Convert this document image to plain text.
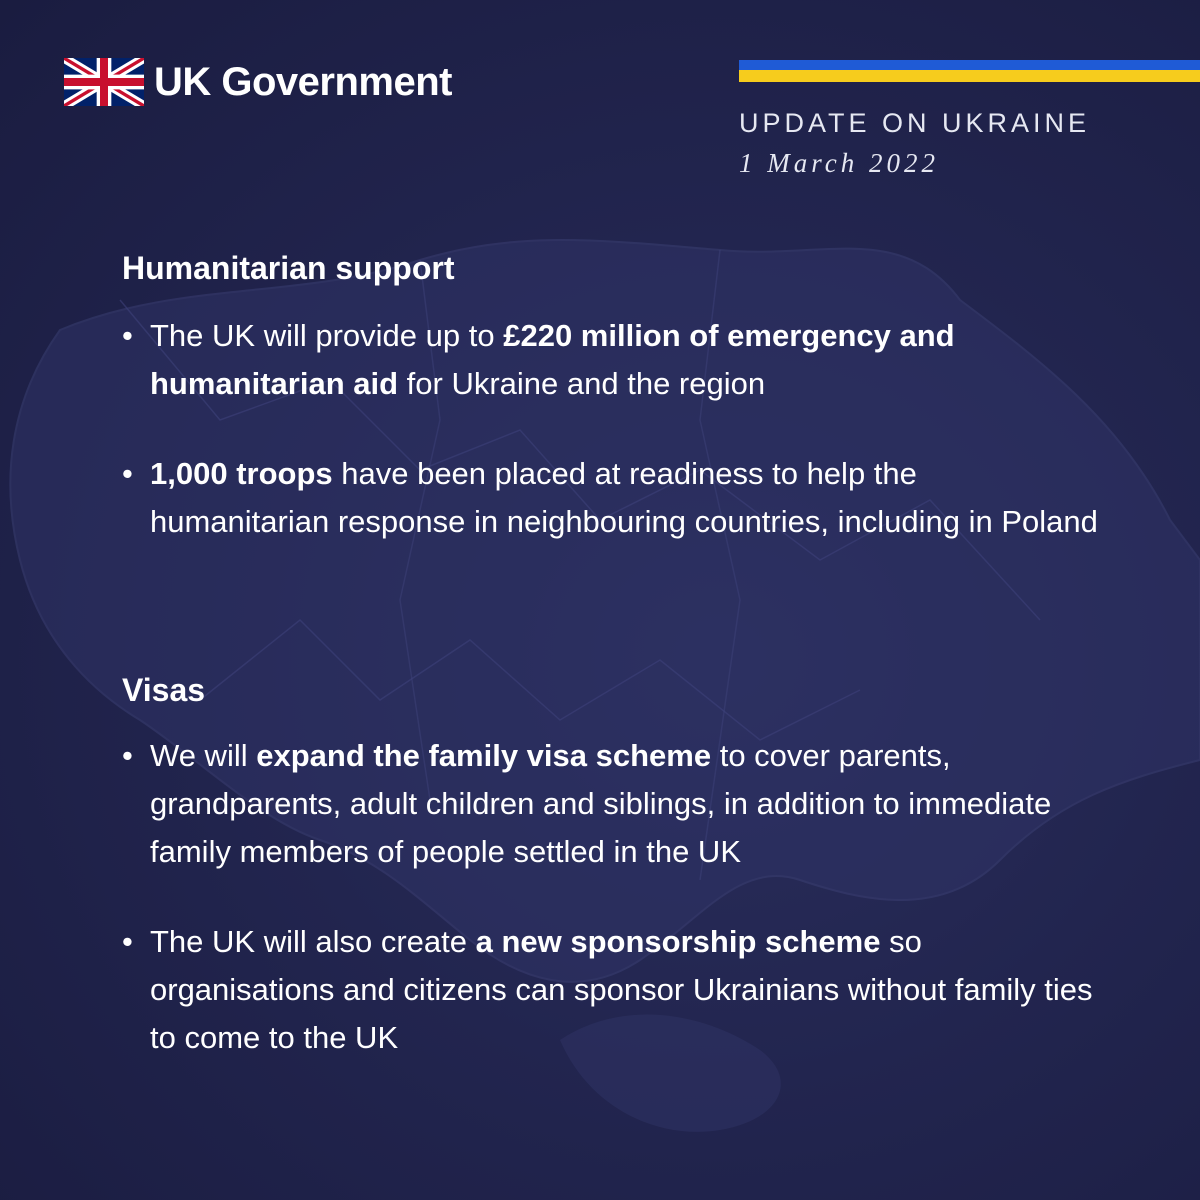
UK Government
UPDATE ON UKRAINE
1 March 2022
Humanitarian support
• The UK will provide up to £220 million of emergency and humanitarian aid for Ukraine and the region
• 1,000 troops have been placed at readiness to help the humanitarian response in neighbouring countries, including in Poland
Visas
• We will expand the family visa scheme to cover parents, grandparents, adult children and siblings, in addition to immediate family members of people settled in the UK
• The UK will also create a new sponsorship scheme so organisations and citizens can sponsor Ukrainians without family ties to come to the UK
